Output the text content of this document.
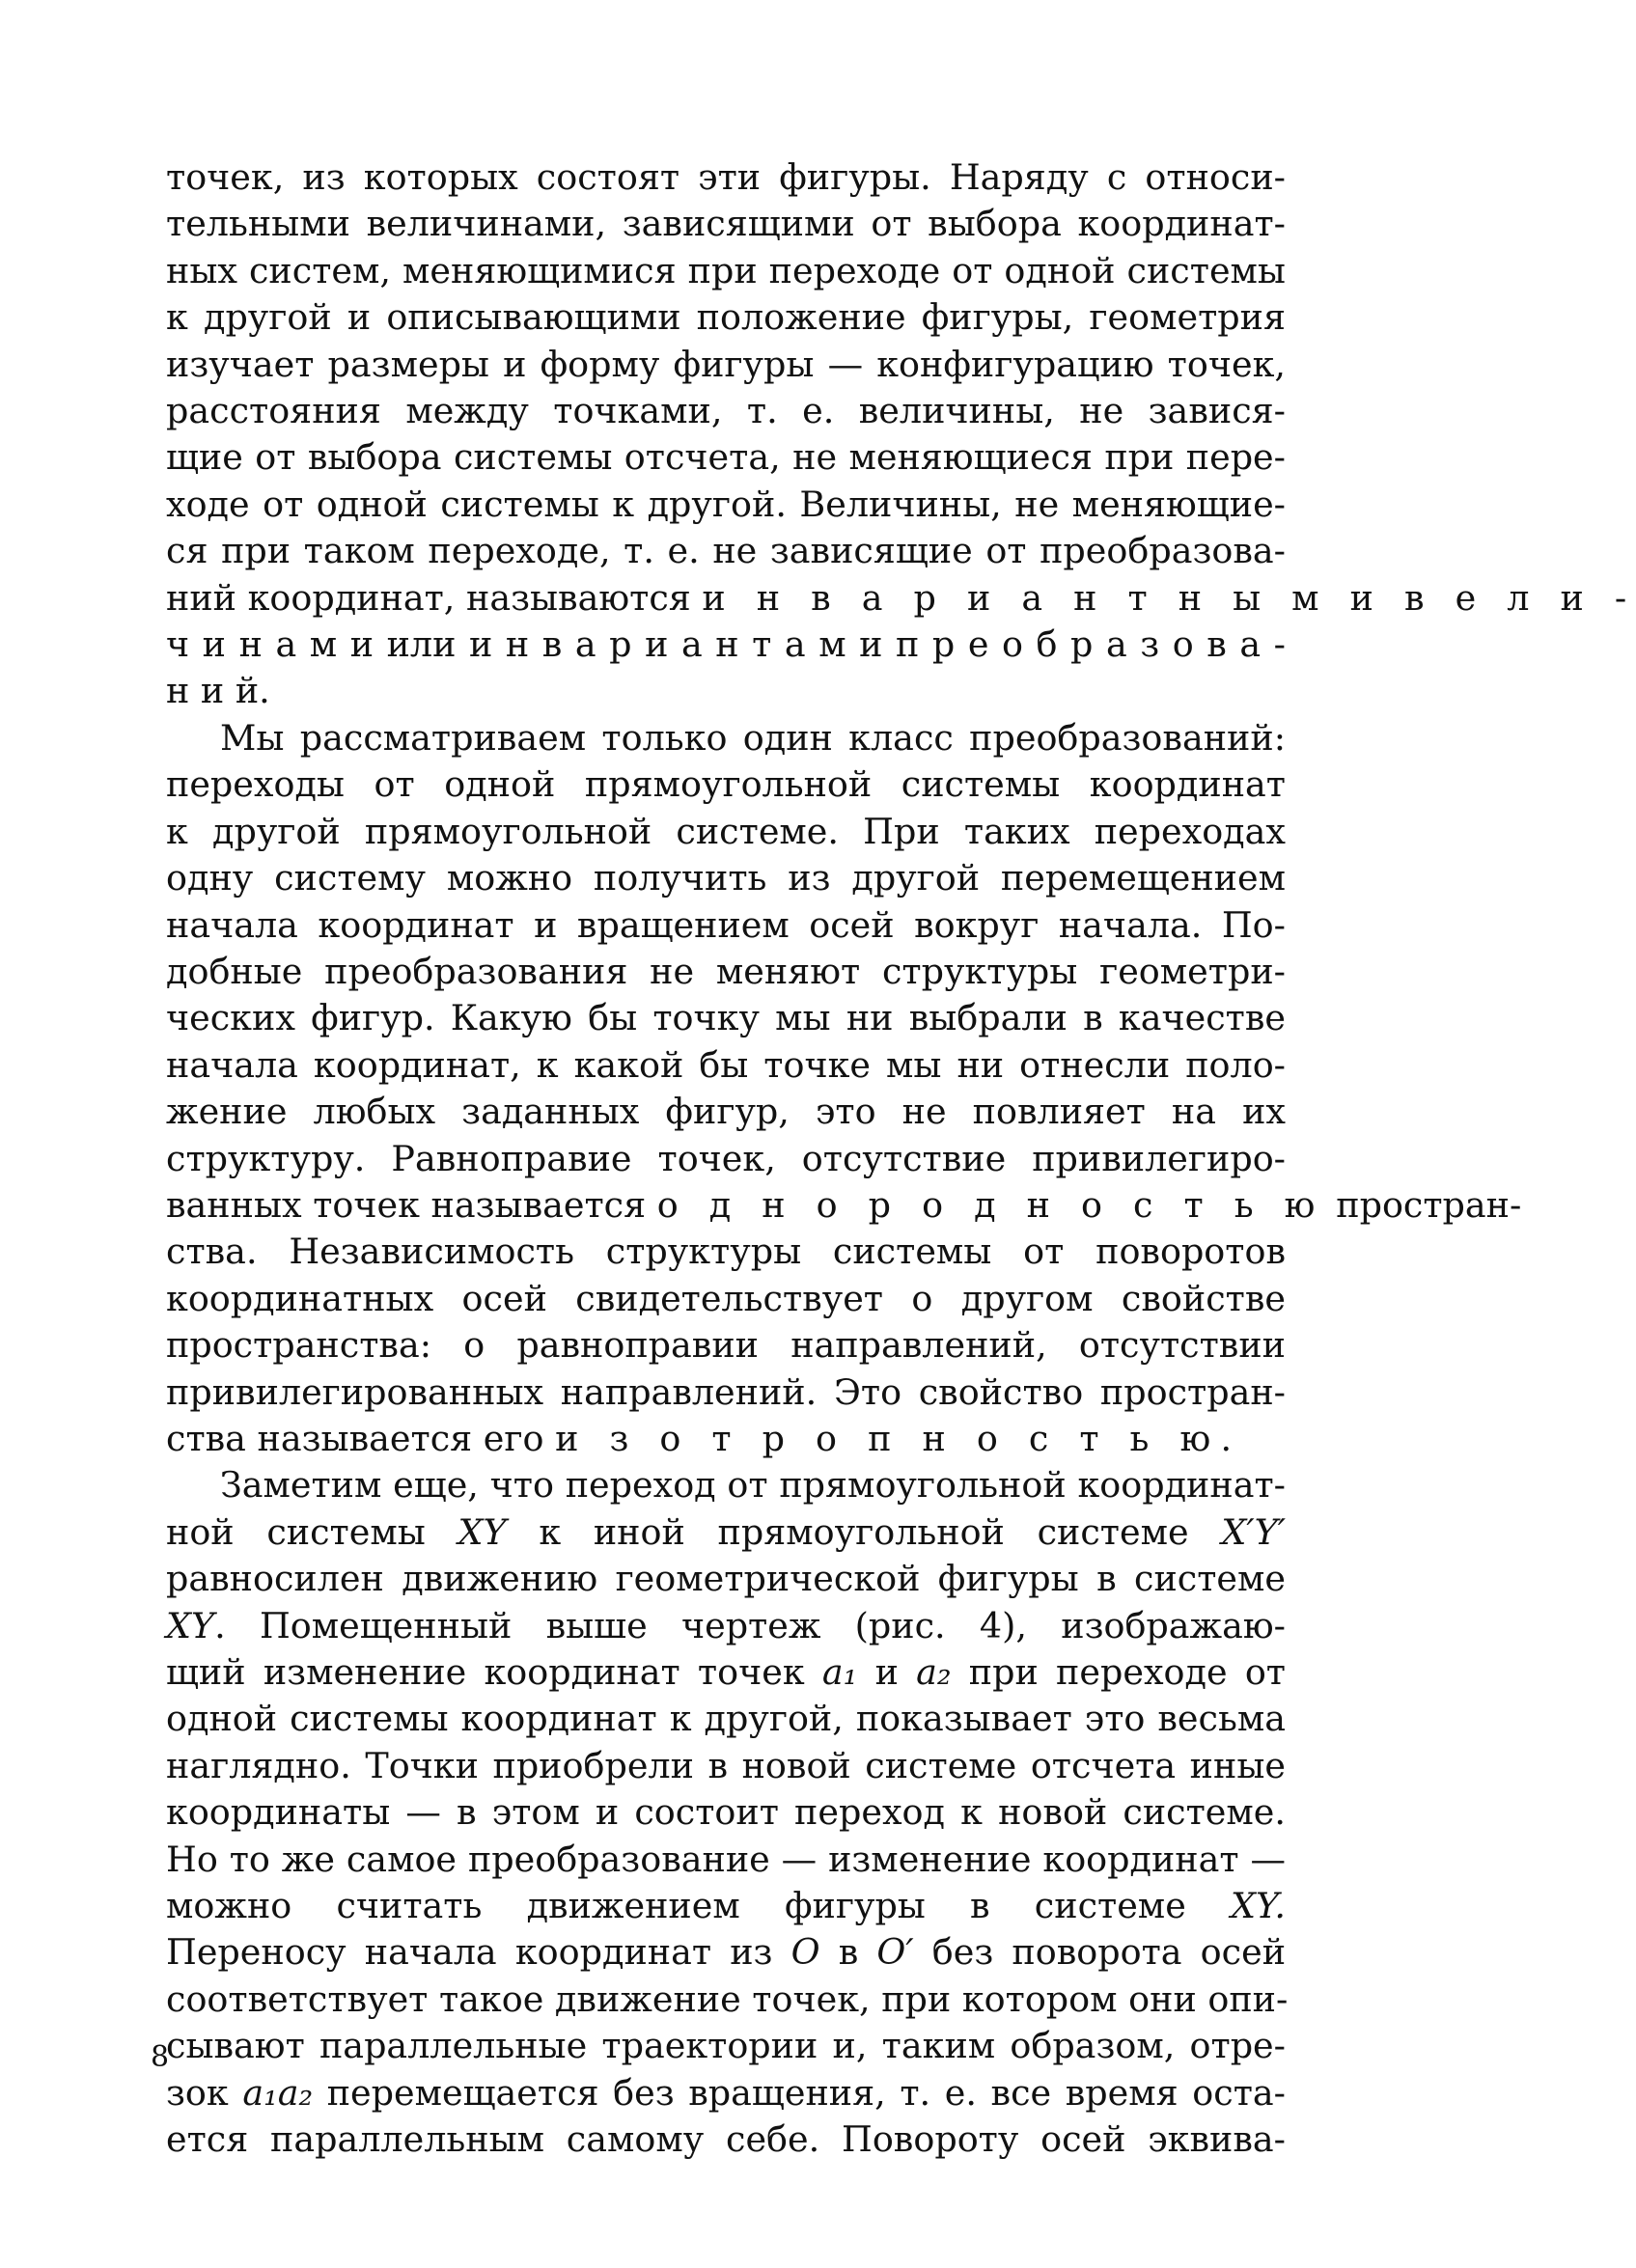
точек, из которых состоят эти фигуры. Наряду с относи-
тельными величинами, зависящими от выбора координат-
ных систем, меняющимися при переходе от одной системы
к другой и описывающими положение фигуры, геометрия
изучает размеры и форму фигуры — конфигурацию точек,
расстояния между точками, т. е. величины, не завися-
щие от выбора системы отсчета, не меняющиеся при пере-
ходе от одной системы к другой. Величины, не меняющие-
ся при таком переходе, т. е. не зависящие от преобразова-
ний координат, называются и н в а р и а н т н ы м и в е л и -
ч и н а м и или и н в а р и а н т а м и п р е о б р а з о в а -
н и й.

Мы рассматриваем только один класс преобразований:
переходы от одной прямоугольной системы координат
к другой прямоугольной системе. При таких переходах
одну систему можно получить из другой перемещением
начала координат и вращением осей вокруг начала. По-
добные преобразования не меняют структуры геометри-
ческих фигур. Какую бы точку мы ни выбрали в качестве
начала координат, к какой бы точке мы ни отнесли поло-
жение любых заданных фигур, это не повлияет на их
структуру. Равноправие точек, отсутствие привилегиро-
ванных точек называется о д н о р о д н о с т ь ю простран-
ства. Независимость структуры системы от поворотов
координатных осей свидетельствует о другом свойстве
пространства: о равноправии направлений, отсутствии
привилегированных направлений. Это свойство простран-
ства называется его и з о т р о п н о с т ь ю.

Заметим еще, что переход от прямоугольной координат-
ной системы XY к иной прямоугольной системе X′Y′
равносилен движению геометрической фигуры в системе
XY. Помещенный выше чертеж (рис. 4), изображаю-
щий изменение координат точек a₁ и a₂ при переходе от
одной системы координат к другой, показывает это весьма
наглядно. Точки приобрели в новой системе отсчета иные
координаты — в этом и состоит переход к новой системе.
Но то же самое преобразование — изменение координат —
можно считать движением фигуры в системе XY.
Переносу начала координат из O в O′ без поворота осей
соответствует такое движение точек, при котором они опи-
сывают параллельные траектории и, таким образом, отре-
зок a₁a₂ перемещается без вращения, т. е. все время оста-
ется параллельным самому себе. Повороту осей эквива-

8
